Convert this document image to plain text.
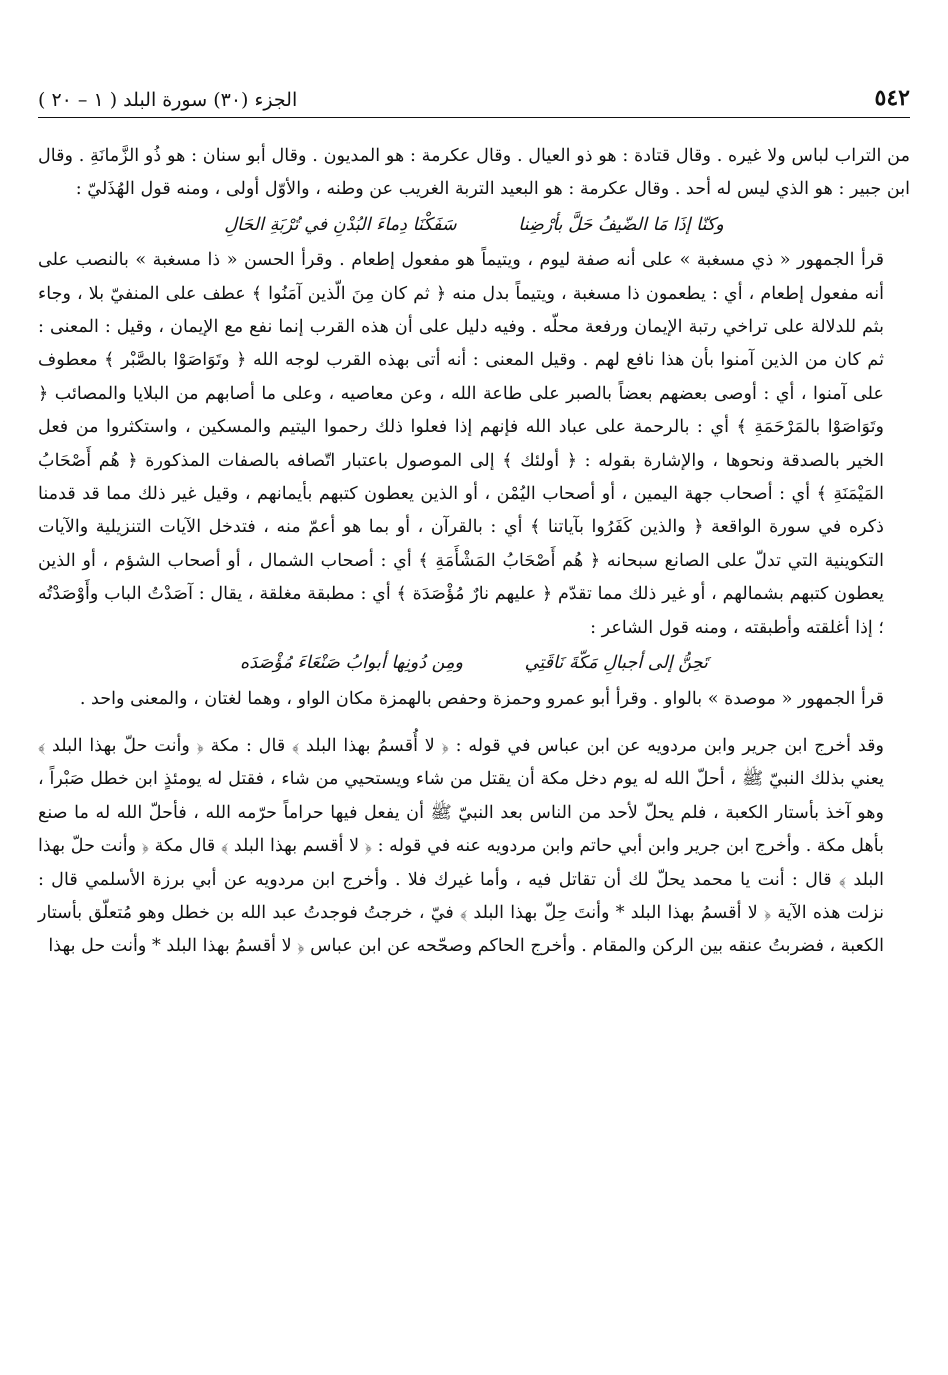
٥٤٢
الجزء (٣٠) سورة البلد ( ١ – ٢٠ )

من التراب لباس ولا غيره . وقال قتادة : هو ذو العيال . وقال عكرمة : هو المديون . وقال أبو سنان : هو ذُو الزَّمانَةِ . وقال ابن جبير : هو الذي ليس له أحد . وقال عكرمة : هو البعيد التربة الغريب عن وطنه ، والأوّل أولى ، ومنه قول الهُذَليّ :

وكنّا إذَا مَا الضّيفُ حَلَّ بأرْضِنا سَفَكْنَا دِماءَ البُدْنِ في تُرْبَةِ الحَالِ

قرأ الجمهور « ذي مسغبة » على أنه صفة ليوم ، ويتيماً هو مفعول إطعام . وقرأ الحسن « ذا مسغبة » بالنصب على أنه مفعول إطعام ، أي : يطعمون ذا مسغبة ، ويتيماً بدل منه ﴿ ثم كان مِنَ الّذين آمَنُوا ﴾ عطف على المنفيّ بلا ، وجاء بثم للدلالة على تراخي رتبة الإيمان ورفعة محلّه . وفيه دليل على أن هذه القرب إنما نفع مع الإيمان ، وقيل : المعنى : ثم كان من الذين آمنوا بأن هذا نافع لهم . وقيل المعنى : أنه أتى بهذه القرب لوجه الله ﴿ وتَوَاصَوْا بالصَّبْر ﴾ معطوف على آمنوا ، أي : أوصى بعضهم بعضاً بالصبر على طاعة الله ، وعن معاصيه ، وعلى ما أصابهم من البلايا والمصائب ﴿ وتَوَاصَوْا بالمَرْحَمَةِ ﴾ أي : بالرحمة على عباد الله فإنهم إذا فعلوا ذلك رحموا اليتيم والمسكين ، واستكثروا من فعل الخير بالصدقة ونحوها ، والإشارة بقوله : ﴿ أولئك ﴾ إلى الموصول باعتبار اتّصافه بالصفات المذكورة ﴿ هُم أَصْحَابُ المَيْمَنَةِ ﴾ أي : أصحاب جهة اليمين ، أو أصحاب اليُمْن ، أو الذين يعطون كتبهم بأيمانهم ، وقيل غير ذلك مما قد قدمنا ذكره في سورة الواقعة ﴿ والذين كَفَرُوا بآياتنا ﴾ أي : بالقرآن ، أو بما هو أعمّ منه ، فتدخل الآيات التنزيلية والآيات التكوينية التي تدلّ على الصانع سبحانه ﴿ هُم أَصْحَابُ المَشْأَمَةِ ﴾ أي : أصحاب الشمال ، أو أصحاب الشؤم ، أو الذين يعطون كتبهم بشمالهم ، أو غير ذلك مما تقدّم ﴿ عليهم نارٌ مُؤْصَدَة ﴾ أي : مطبقة مغلقة ، يقال : آصَدْتُ الباب وأَوْصَدْتُه ؛ إذا أغلقته وأطبقته ، ومنه قول الشاعر :

تَحِنُّ إلى أجبالِ مَكّةَ نَاقَتِي ومِن دُونِها أبوابُ صَنْعَاءَ مُؤْصَدَه

قرأ الجمهور « موصدة » بالواو . وقرأ أبو عمرو وحمزة وحفص بالهمزة مكان الواو ، وهما لغتان ، والمعنى واحد .

وقد أخرج ابن جرير وابن مردويه عن ابن عباس في قوله : ﴿ لا أُقسمُ بهذا البلد ﴾ قال : مكة ﴿ وأنت حلّ بهذا البلد ﴾ يعني بذلك النبيّ ﷺ ، أحلّ الله له يوم دخل مكة أن يقتل من شاء ويستحيي من شاء ، فقتل له يومئذٍ ابن خطل صَبْراً ، وهو آخذ بأستار الكعبة ، فلم يحلّ لأحد من الناس بعد النبيّ ﷺ أن يفعل فيها حراماً حرّمه الله ، فأحلّ الله له ما صنع بأهل مكة . وأخرج ابن جرير وابن أبي حاتم وابن مردويه عنه في قوله : ﴿ لا أقسم بهذا البلد ﴾ قال مكة ﴿ وأنت حلّ بهذا البلد ﴾ قال : أنت يا محمد يحلّ لك أن تقاتل فيه ، وأما غيرك فلا . وأخرج ابن مردويه عن أبي برزة الأسلمي قال : نزلت هذه الآية ﴿ لا أقسمُ بهذا البلد * وأنتَ حِلّ بهذا البلد ﴾ فيّ ، خرجتُ فوجدتُ عبد الله بن خطل وهو مُتعلّق بأستار الكعبة ، فضربتُ عنقه بين الركن والمقام . وأخرج الحاكم وصحّحه عن ابن عباس ﴿ لا أقسمُ بهذا البلد * وأنت حل بهذا
